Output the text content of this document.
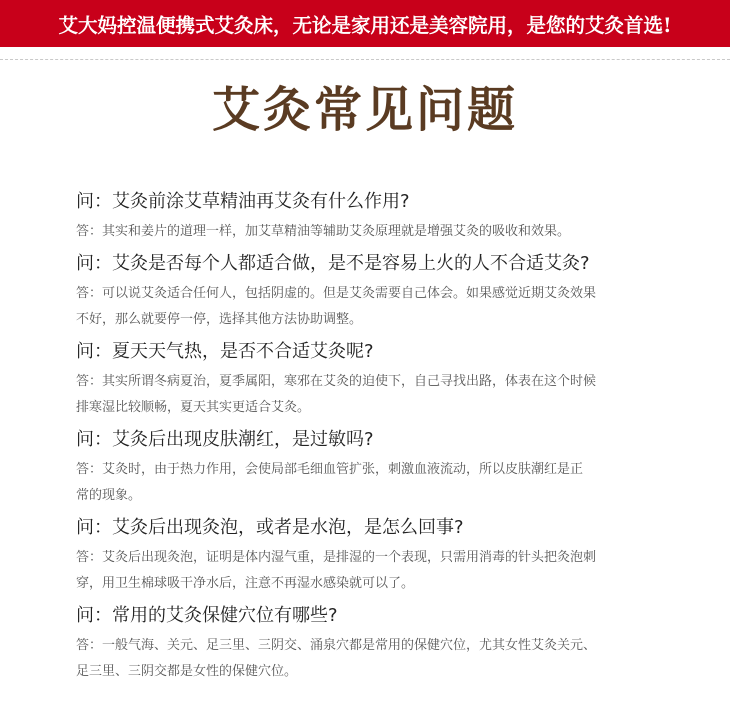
艾大妈控温便携式艾灸床，无论是家用还是美容院用，是您的艾灸首选!
艾灸常见问题

问：艾灸前涂艾草精油再艾灸有什么作用?

答：其实和姜片的道理一样，加艾草精油等辅助艾灸原理就是增强艾灸的吸收和效果。

问：艾灸是否每个人都适合做，是不是容易上火的人不合适艾灸?

答：可以说艾灸适合任何人，包括阴虚的。但是艾灸需要自己体会。如果感觉近期艾灸效果
不好，那么就要停一停，选择其他方法协助调整。

问：夏天天气热，是否不合适艾灸呢?

答：其实所谓冬病夏治，夏季属阳，寒邪在艾灸的迫使下，自己寻找出路，体表在这个时候
排寒湿比较顺畅，夏天其实更适合艾灸。

问：艾灸后出现皮肤潮红，是过敏吗?

答：艾灸时，由于热力作用，会使局部毛细血管扩张，刺激血液流动，所以皮肤潮红是正
常的现象。

问：艾灸后出现灸泡，或者是水泡，是怎么回事?

答：艾灸后出现灸泡，证明是体内湿气重，是排湿的一个表现，只需用消毒的针头把灸泡刺
穿，用卫生棉球吸干净水后，注意不再湿水感染就可以了。

问：常用的艾灸保健穴位有哪些?

答：一般气海、关元、足三里、三阴交、涌泉穴都是常用的保健穴位，尤其女性艾灸关元、
足三里、三阴交都是女性的保健穴位。
